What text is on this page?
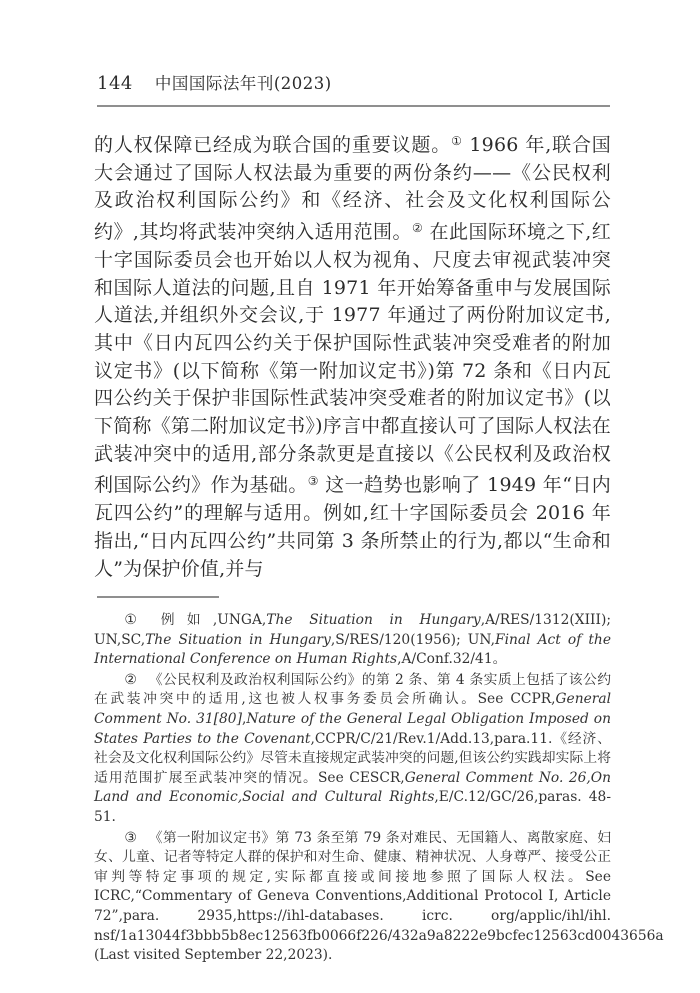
144 中国国际法年刊(2023)
的人权保障已经成为联合国的重要议题。① 1966 年,联合国大会通过了国际人权法最为重要的两份条约——《公民权利及政治权利国际公约》和《经济、社会及文化权利国际公约》,其均将武装冲突纳入适用范围。② 在此国际环境之下,红十字国际委员会也开始以人权为视角、尺度去审视武装冲突和国际人道法的问题,且自 1971 年开始筹备重申与发展国际人道法,并组织外交会议,于 1977 年通过了两份附加议定书,其中《日内瓦四公约关于保护国际性武装冲突受难者的附加议定书》(以下简称《第一附加议定书》)第 72 条和《日内瓦四公约关于保护非国际性武装冲突受难者的附加议定书》(以下简称《第二附加议定书》)序言中都直接认可了国际人权法在武装冲突中的适用,部分条款更是直接以《公民权利及政治权利国际公约》作为基础。③ 这一趋势也影响了 1949 年“日内瓦四公约”的理解与适用。例如,红十字国际委员会 2016 年指出,“日内瓦四公约”共同第 3 条所禁止的行为,都以“生命和人”为保护价值,并与
① 例如,UNGA,The Situation in Hungary,A/RES/1312(XIII); UN,SC,The Situation in Hungary,S/RES/120(1956); UN,Final Act of the International Conference on Human Rights,A/Conf.32/41。
② 《公民权利及政治权利国际公约》的第 2 条、第 4 条实质上包括了该公约在武装冲突中的适用,这也被人权事务委员会所确认。See CCPR,General Comment No. 31[80],Nature of the General Legal Obligation Imposed on States Parties to the Covenant,CCPR/C/21/Rev.1/Add.13,para.11.《经济、社会及文化权利国际公约》尽管未直接规定武装冲突的问题,但该公约实践却实际上将适用范围扩展至武装冲突的情况。See CESCR,General Comment No. 26,On Land and Economic,Social and Cultural Rights,E/C.12/GC/26,paras. 48-51.
③ 《第一附加议定书》第 73 条至第 79 条对难民、无国籍人、离散家庭、妇女、儿童、记者等特定人群的保护和对生命、健康、精神状况、人身尊严、接受公正审判等特定事项的规定,实际都直接或间接地参照了国际人权法。See ICRC,“Commentary of Geneva Conventions,Additional Protocol I, Article 72”,para. 2935,https://ihl-databases. icrc. org/applic/ihl/ihl. nsf/1a13044f3bbb5b8ec12563fb0066f226/432a9a8222e9bcfec12563cd0043656a (Last visited September 22,2023).
